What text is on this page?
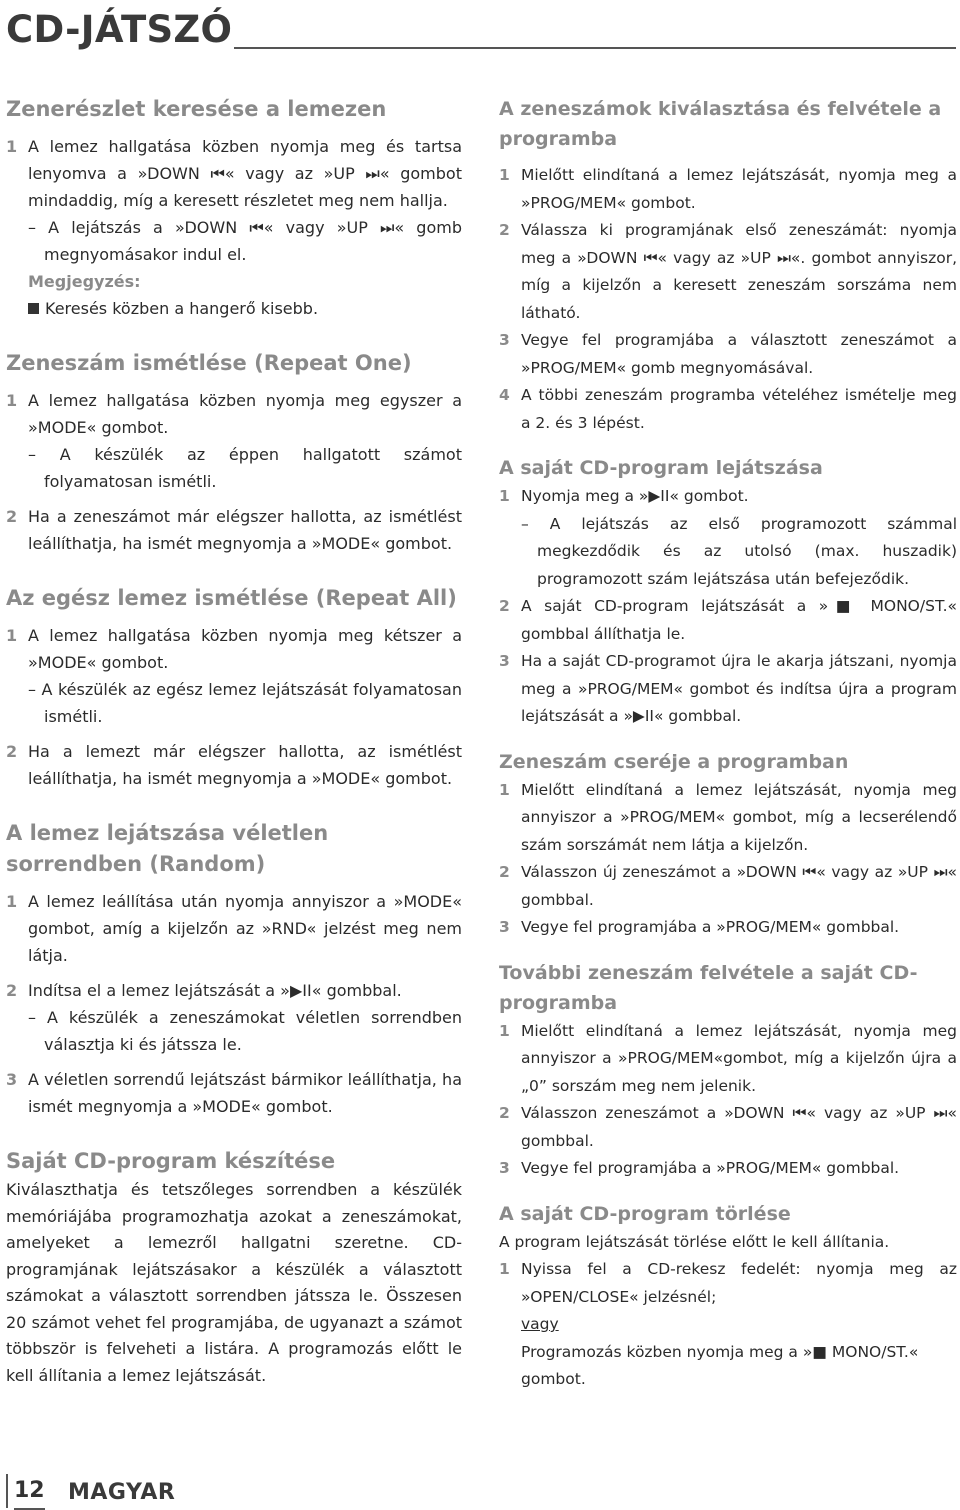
CD-JÁTSZÓ
Zenerészlet keresése a lemezen
1 A lemez hallgatása közben nyomja meg és tartsa lenyomva a »DOWN ⏮« vagy az »UP ⏭« gombot mindaddig, míg a keresett részletet meg nem hallja.
– A lejátszás a »DOWN ⏮« vagy »UP ⏭« gomb megnyomásakor indul el.
Megjegyzés:
Keresés közben a hangerő kisebb.
Zeneszám ismétlése (Repeat One)
1 A lemez hallgatása közben nyomja meg egyszer a »MODE« gombot.
– A készülék az éppen hallgatott számot folyamatosan ismétli.
2 Ha a zeneszámot már elégszer hallotta, az ismétlést leállíthatja, ha ismét megnyomja a »MODE« gombot.
Az egész lemez ismétlése (Repeat All)
1 A lemez hallgatása közben nyomja meg kétszer a »MODE« gombot.
– A készülék az egész lemez lejátszását folyamatosan ismétli.
2 Ha a lemezt már elégszer hallotta, az ismétlést leállíthatja, ha ismét megnyomja a »MODE« gombot.
A lemez lejátszása véletlen sorrendben (Random)
1 A lemez leállítása után nyomja annyiszor a »MODE« gombot, amíg a kijelzőn az »RND« jelzést meg nem látja.
2 Indítsa el a lemez lejátszását a »▶II« gombbal.
– A készülék a zeneszámokat véletlen sorrendben választja ki és játssza le.
3 A véletlen sorrendű lejátszást bármikor leállíthatja, ha ismét megnyomja a »MODE« gombot.
Saját CD-program készítése
Kiválaszthatja és tetszőleges sorrendben a készülék memóriájába programozhatja azokat a zeneszámokat, amelyeket a lemezről hallgatni szeretne. CD-programjának lejátszásakor a készülék a választott számokat a választott sorrendben játssza le. Összesen 20 számot vehet fel programjába, de ugyanazt a számot többször is felveheti a listára. A programozás előtt le kell állítania a lemez lejátszását.
A zeneszámok kiválasztása és felvétele a programba
1 Mielőtt elindítaná a lemez lejátszását, nyomja meg a »PROG/MEM« gombot.
2 Válassza ki programjának első zeneszámát: nyomja meg a »DOWN ⏮« vagy az »UP ⏭«. gombot annyiszor, míg a kijelzőn a keresett zeneszám sorszáma nem látható.
3 Vegye fel programjába a választott zeneszámot a »PROG/MEM« gomb megnyomásával.
4 A többi zeneszám programba vételéhez ismételje meg a 2. és 3 lépést.
A saját CD-program lejátszása
1 Nyomja meg a »▶II« gombot.
– A lejátszás az első programozott számmal megkezdődik és az utolsó (max. huszadik) programozott szám lejátszása után befejeződik.
2 A saját CD-program lejátszását a »■ MONO/ST.« gombbal állíthatja le.
3 Ha a saját CD-programot újra le akarja játszani, nyomja meg a »PROG/MEM« gombot és indítsa újra a program lejátszását a »▶II« gombbal.
Zeneszám cseréje a programban
1 Mielőtt elindítaná a lemez lejátszását, nyomja meg annyiszor a »PROG/MEM« gombot, míg a lecserélendő szám sorszámát nem látja a kijelzőn.
2 Válasszon új zeneszámot a »DOWN ⏮« vagy az »UP ⏭« gombbal.
3 Vegye fel programjába a »PROG/MEM« gombbal.
További zeneszám felvétele a saját CD-programba
1 Mielőtt elindítaná a lemez lejátszását, nyomja meg annyiszor a »PROG/MEM«gombot, míg a kijelzőn újra a „0” sorszám meg nem jelenik.
2 Válasszon zeneszámot a »DOWN ⏮« vagy az »UP ⏭« gombbal.
3 Vegye fel programjába a »PROG/MEM« gombbal.
A saját CD-program törlése
A program lejátszását törlése előtt le kell állítania.
1 Nyissa fel a CD-rekesz fedelét: nyomja meg az »OPEN/CLOSE« jelzésnél;
vagy
Programozás közben nyomja meg a »■ MONO/ST.« gombot.
12 MAGYAR
